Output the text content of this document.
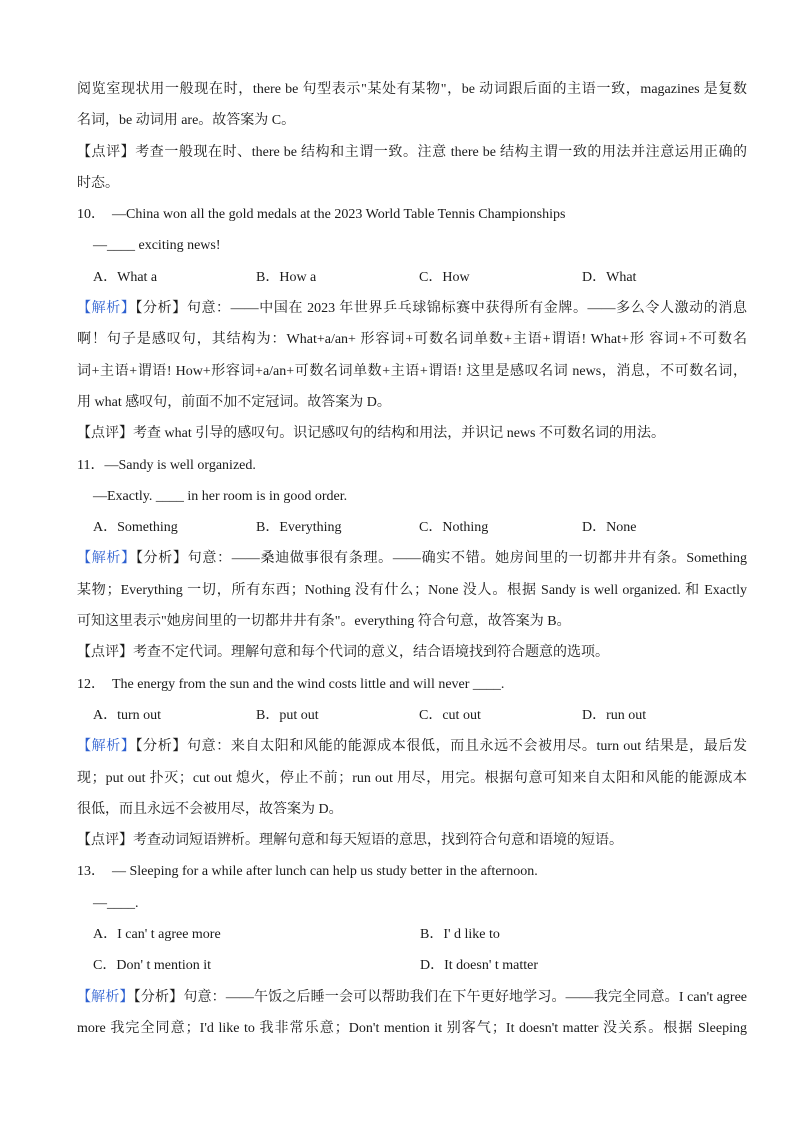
阅览室现状用一般现在时，there be 句型表示"某处有某物"，be 动词跟后面的主语一致，magazines 是复数
名词，be 动词用 are。故答案为 C。
【点评】考查一般现在时、there be 结构和主谓一致。注意 there be 结构主谓一致的用法并注意运用正确的
时态。
10． —China won all the gold medals at the 2023 World Table Tennis Championships
—____ exciting news!
A．What a	B．How a	C．How	D．What
【解析】【分析】句意：——中国在 2023 年世界乒乓球锦标赛中获得所有金牌。——多么令人激动的消息
啊！句子是感叹句，其结构为：What+a/an+ 形容词+可数名词单数+主语+谓语! What+形 容词+不可数名
词+主语+谓语! How+形容词+a/an+可数名词单数+主语+谓语! 这里是感叹名词 news，消息，不可数名词，
用 what 感叹句，前面不加不定冠词。故答案为 D。
【点评】考查 what 引导的感叹句。识记感叹句的结构和用法，并识记 news 不可数名词的用法。
11．—Sandy is well organized.
—Exactly. ____ in her room is in good order.
A．Something	B．Everything	C．Nothing	D．None
【解析】【分析】句意：——桑迪做事很有条理。——确实不错。她房间里的一切都井井有条。Something
某物；Everything 一切，所有东西；Nothing 没有什么；None 没人。根据 Sandy is well organized. 和 Exactly
可知这里表示"她房间里的一切都井井有条"。everything 符合句意，故答案为 B。
【点评】考查不定代词。理解句意和每个代词的意义，结合语境找到符合题意的选项。
12． The energy from the sun and the wind costs little and will never ____.
A．turn out	B．put out	C．cut out	D．run out
【解析】【分析】句意：来自太阳和风能的能源成本很低，而且永远不会被用尽。turn out 结果是，最后发
现；put out 扑灭；cut out 熄火，停止不前；run out 用尽，用完。根据句意可知来自太阳和风能的能源成本
很低，而且永远不会被用尽，故答案为 D。
【点评】考查动词短语辨析。理解句意和每天短语的意思，找到符合句意和语境的短语。
13． — Sleeping for a while after lunch can help us study better in the afternoon.
—____.
A．I can' t agree more	B．I' d like to
C．Don' t mention it	D．It doesn' t matter
【解析】【分析】句意：——午饭之后睡一会可以帮助我们在下午更好地学习。——我完全同意。I can't agree
more 我完全同意；I'd like to 我非常乐意；Don't mention it 别客气；It doesn't matter 没关系。根据 Sleeping
